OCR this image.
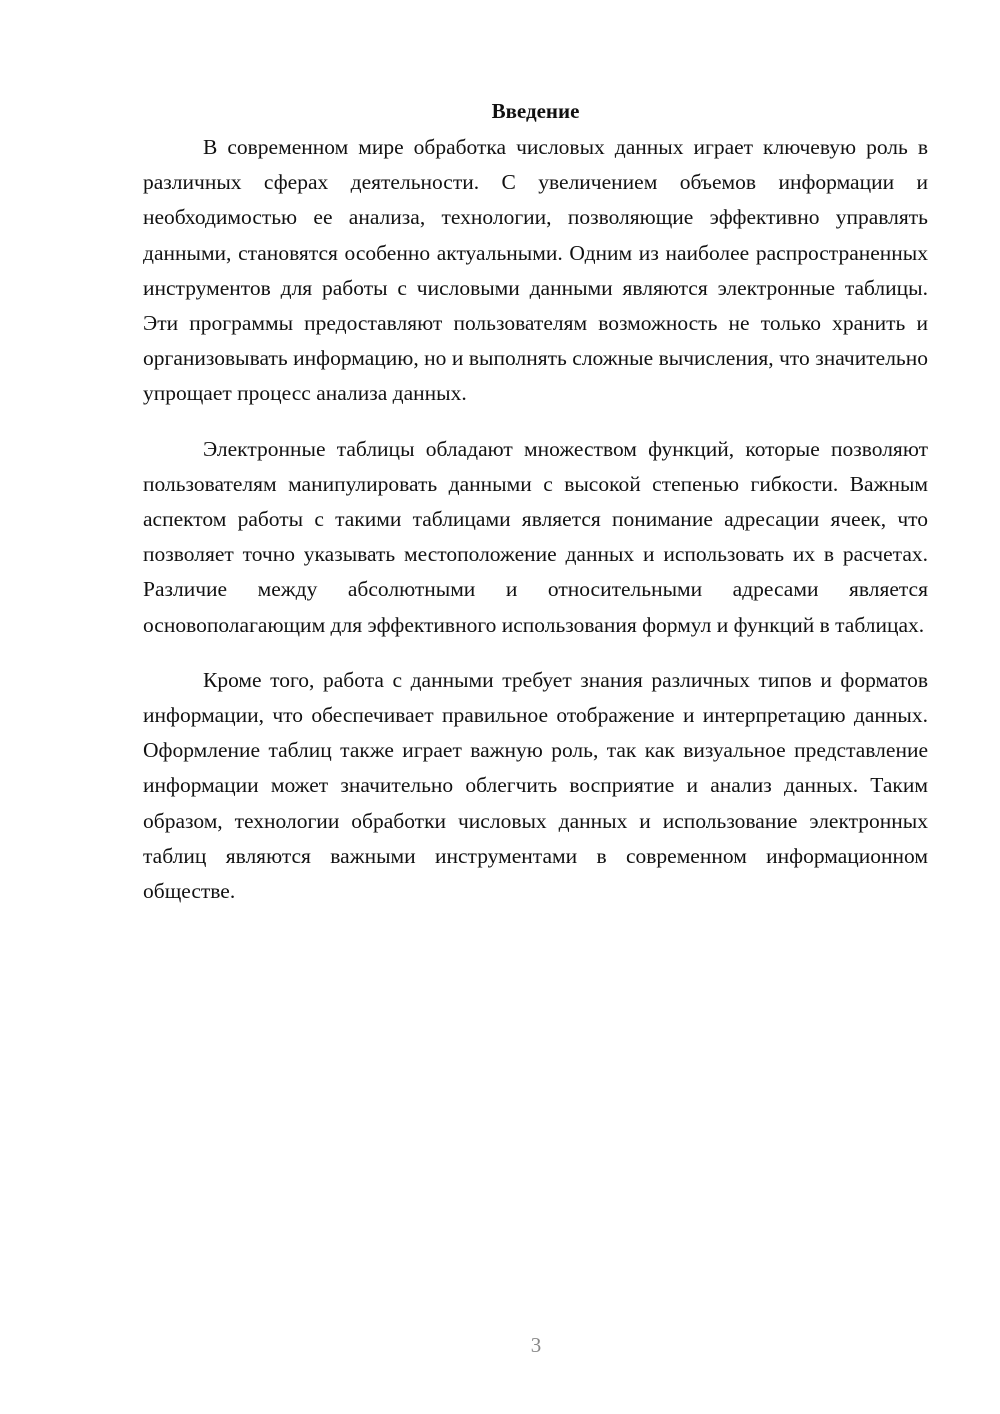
Введение

В современном мире обработка числовых данных играет ключевую роль в различных сферах деятельности. С увеличением объемов информации и необходимостью ее анализа, технологии, позволяющие эффективно управлять данными, становятся особенно актуальными. Одним из наиболее распространенных инструментов для работы с числовыми данными являются электронные таблицы. Эти программы предоставляют пользователям возможность не только хранить и организовывать информацию, но и выполнять сложные вычисления, что значительно упрощает процесс анализа данных.

Электронные таблицы обладают множеством функций, которые позволяют пользователям манипулировать данными с высокой степенью гибкости. Важным аспектом работы с такими таблицами является понимание адресации ячеек, что позволяет точно указывать местоположение данных и использовать их в расчетах. Различие между абсолютными и относительными адресами является основополагающим для эффективного использования формул и функций в таблицах.

Кроме того, работа с данными требует знания различных типов и форматов информации, что обеспечивает правильное отображение и интерпретацию данных. Оформление таблиц также играет важную роль, так как визуальное представление информации может значительно облегчить восприятие и анализ данных. Таким образом, технологии обработки числовых данных и использование электронных таблиц являются важными инструментами в современном информационном обществе.

3
